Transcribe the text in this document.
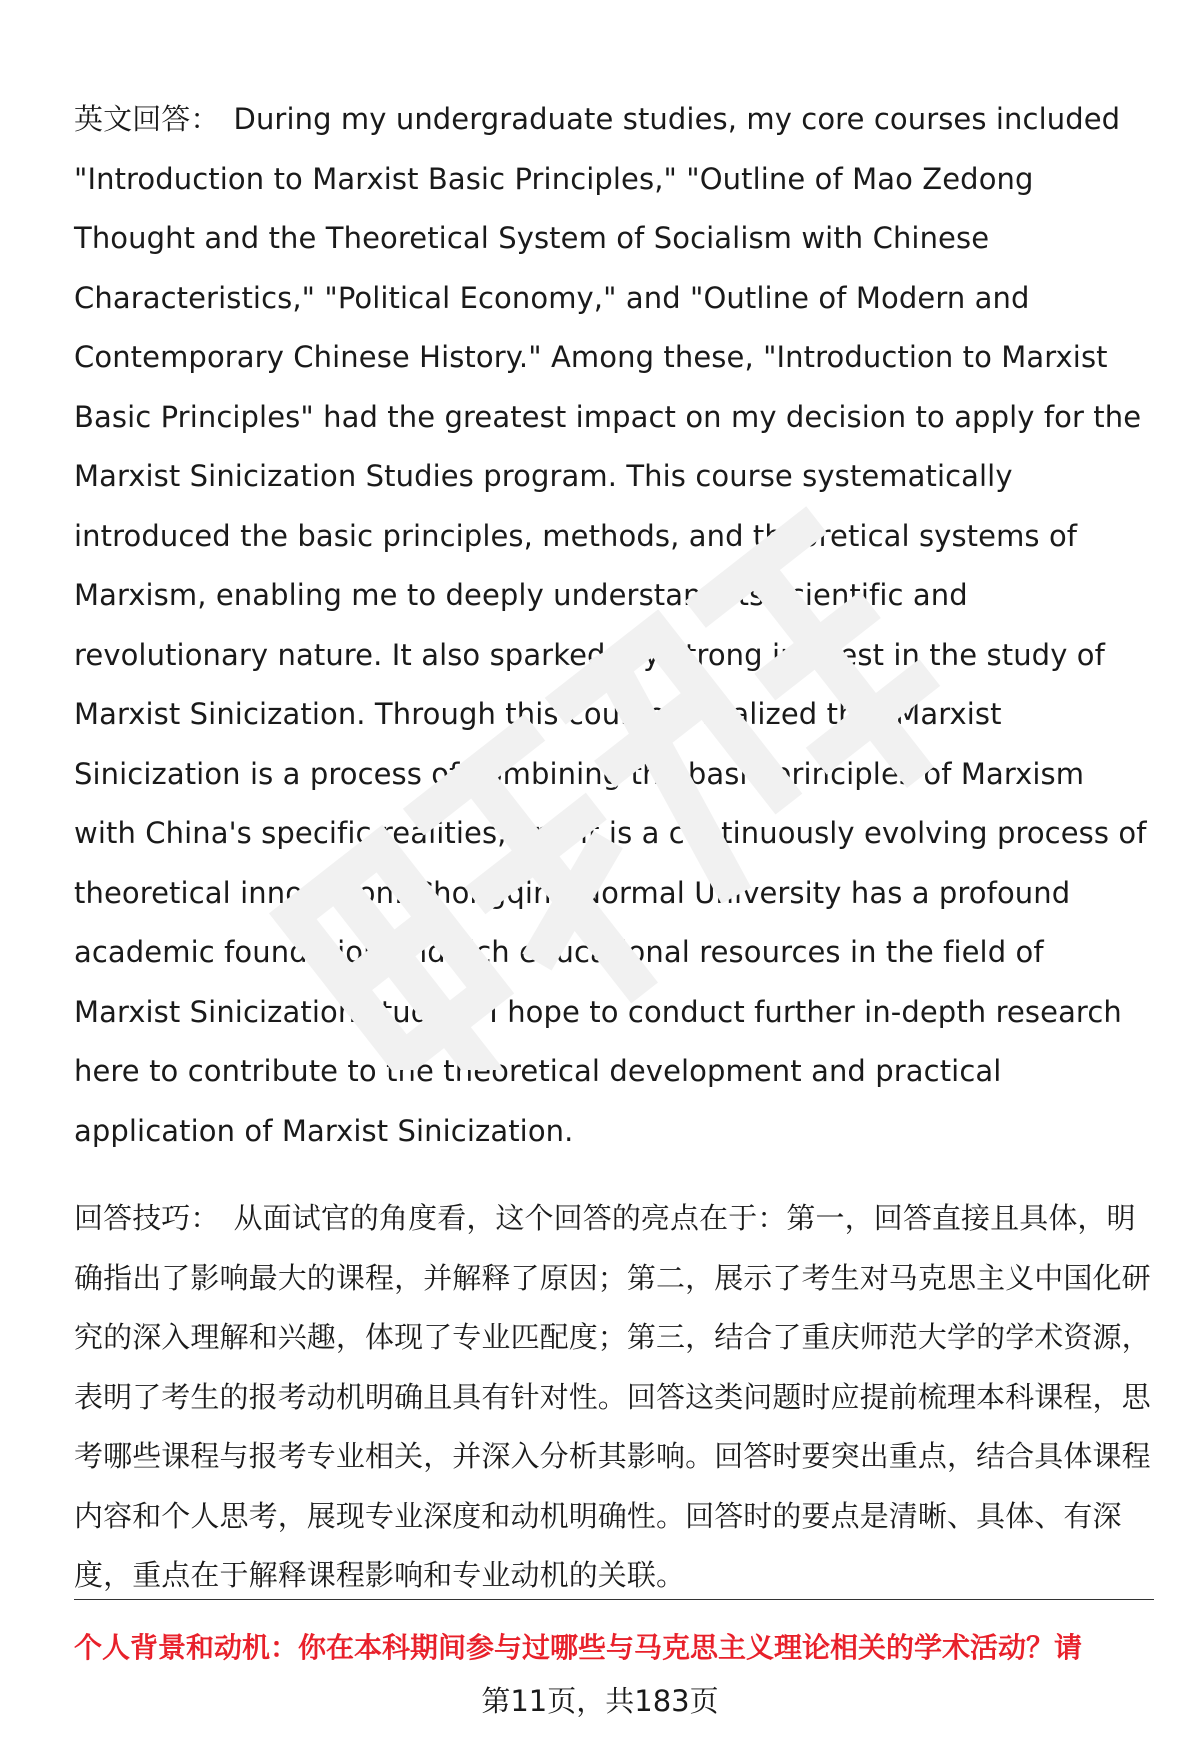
英文回答： During my undergraduate studies, my core courses included "Introduction to Marxist Basic Principles," "Outline of Mao Zedong Thought and the Theoretical System of Socialism with Chinese Characteristics," "Political Economy," and "Outline of Modern and Contemporary Chinese History." Among these, "Introduction to Marxist Basic Principles" had the greatest impact on my decision to apply for the Marxist Sinicization Studies program. This course systematically introduced the basic principles, methods, and theoretical systems of Marxism, enabling me to deeply understand its scientific and revolutionary nature. It also sparked my strong interest in the study of Marxist Sinicization. Through this course, I realized that Marxist Sinicization is a process of combining the basic principles of Marxism with China's specific realities, and it is a continuously evolving process of theoretical innovation. Chongqing Normal University has a profound academic foundation and rich educational resources in the field of Marxist Sinicization studies. I hope to conduct further in-depth research here to contribute to the theoretical development and practical application of Marxist Sinicization.

回答技巧： 从面试官的角度看，这个回答的亮点在于：第一，回答直接且具体，明确指出了影响最大的课程，并解释了原因；第二，展示了考生对马克思主义中国化研究的深入理解和兴趣，体现了专业匹配度；第三，结合了重庆师范大学的学术资源，表明了考生的报考动机明确且具有针对性。回答这类问题时应提前梳理本科课程，思考哪些课程与报考专业相关，并深入分析其影响。回答时要突出重点，结合具体课程内容和个人思考，展现专业深度和动机明确性。回答时的要点是清晰、具体、有深度，重点在于解释课程影响和专业动机的关联。

个人背景和动机：你在本科期间参与过哪些与马克思主义理论相关的学术活动？请

第11页，共183页
